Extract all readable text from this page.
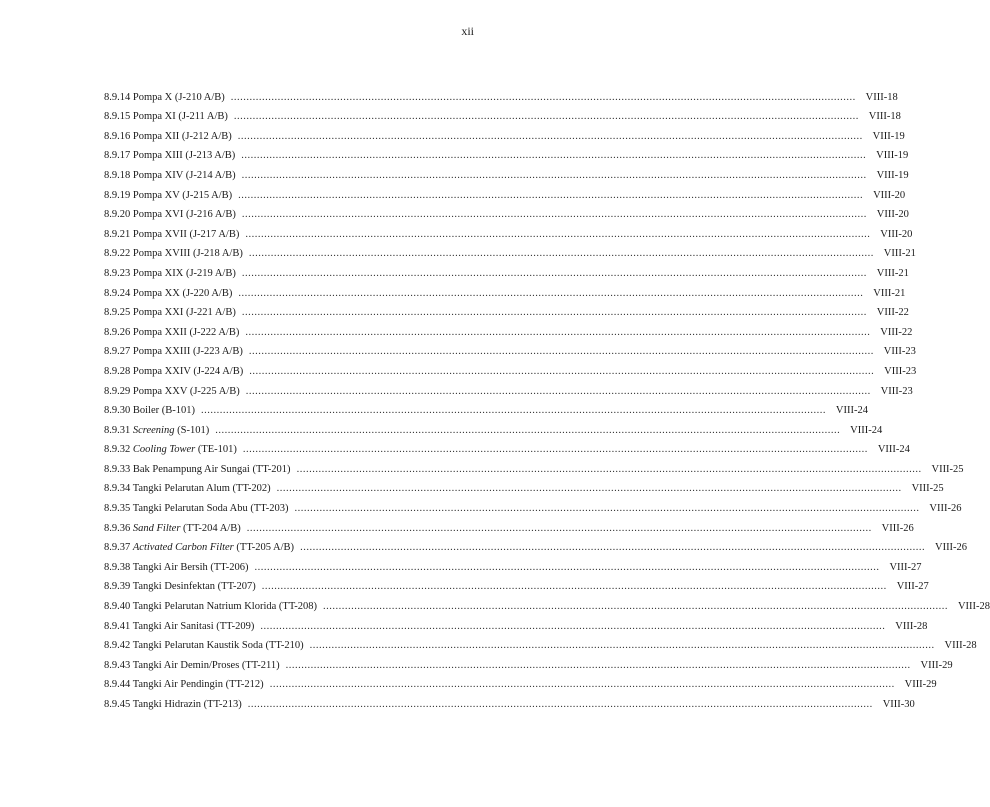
xii
8.9.14 Pompa X (J-210 A/B) ........................................................................................................................................................................................................ VIII-18
8.9.15 Pompa XI (J-211 A/B) ........................................................................................................................................................................................................ VIII-18
8.9.16 Pompa XII (J-212 A/B) ........................................................................................................................................................................................................ VIII-19
8.9.17 Pompa XIII (J-213 A/B) ........................................................................................................................................................................................................ VIII-19
8.9.18 Pompa XIV (J-214 A/B) ........................................................................................................................................................................................................ VIII-19
8.9.19 Pompa XV (J-215 A/B) ........................................................................................................................................................................................................ VIII-20
8.9.20 Pompa XVI (J-216 A/B) ........................................................................................................................................................................................................ VIII-20
8.9.21 Pompa XVII (J-217 A/B) ........................................................................................................................................................................................................ VIII-20
8.9.22 Pompa XVIII (J-218 A/B) ........................................................................................................................................................................................................ VIII-21
8.9.23 Pompa XIX (J-219 A/B) ........................................................................................................................................................................................................ VIII-21
8.9.24 Pompa XX (J-220 A/B) ........................................................................................................................................................................................................ VIII-21
8.9.25 Pompa XXI (J-221 A/B) ........................................................................................................................................................................................................ VIII-22
8.9.26 Pompa XXII (J-222 A/B) ........................................................................................................................................................................................................ VIII-22
8.9.27 Pompa XXIII (J-223 A/B) ........................................................................................................................................................................................................ VIII-23
8.9.28 Pompa XXIV (J-224 A/B) ........................................................................................................................................................................................................ VIII-23
8.9.29 Pompa XXV (J-225 A/B) ........................................................................................................................................................................................................ VIII-23
8.9.30 Boiler (B-101) ........................................................................................................................................................................................................ VIII-24
8.9.31 Screening (S-101) ........................................................................................................................................................................................................ VIII-24
8.9.32 Cooling Tower (TE-101) ........................................................................................................................................................................................................ VIII-24
8.9.33 Bak Penampung Air Sungai (TT-201) ........................................................................................................................................................................................................ VIII-25
8.9.34 Tangki Pelarutan Alum (TT-202) ........................................................................................................................................................................................................ VIII-25
8.9.35 Tangki Pelarutan Soda Abu (TT-203) ........................................................................................................................................................................................................ VIII-26
8.9.36 Sand Filter (TT-204 A/B) ........................................................................................................................................................................................................ VIII-26
8.9.37 Activated Carbon Filter (TT-205 A/B) ........................................................................................................................................................................................................ VIII-26
8.9.38 Tangki Air Bersih (TT-206) ........................................................................................................................................................................................................ VIII-27
8.9.39 Tangki Desinfektan (TT-207) ........................................................................................................................................................................................................ VIII-27
8.9.40 Tangki Pelarutan Natrium Klorida (TT-208) ........................................................................................................................................................................................................ VIII-28
8.9.41 Tangki Air Sanitasi (TT-209) ........................................................................................................................................................................................................ VIII-28
8.9.42 Tangki Pelarutan Kaustik Soda (TT-210) ........................................................................................................................................................................................................ VIII-28
8.9.43 Tangki Air Demin/Proses (TT-211) ........................................................................................................................................................................................................ VIII-29
8.9.44 Tangki Air Pendingin (TT-212) ........................................................................................................................................................................................................ VIII-29
8.9.45 Tangki Hidrazin (TT-213) ........................................................................................................................................................................................................ VIII-30
